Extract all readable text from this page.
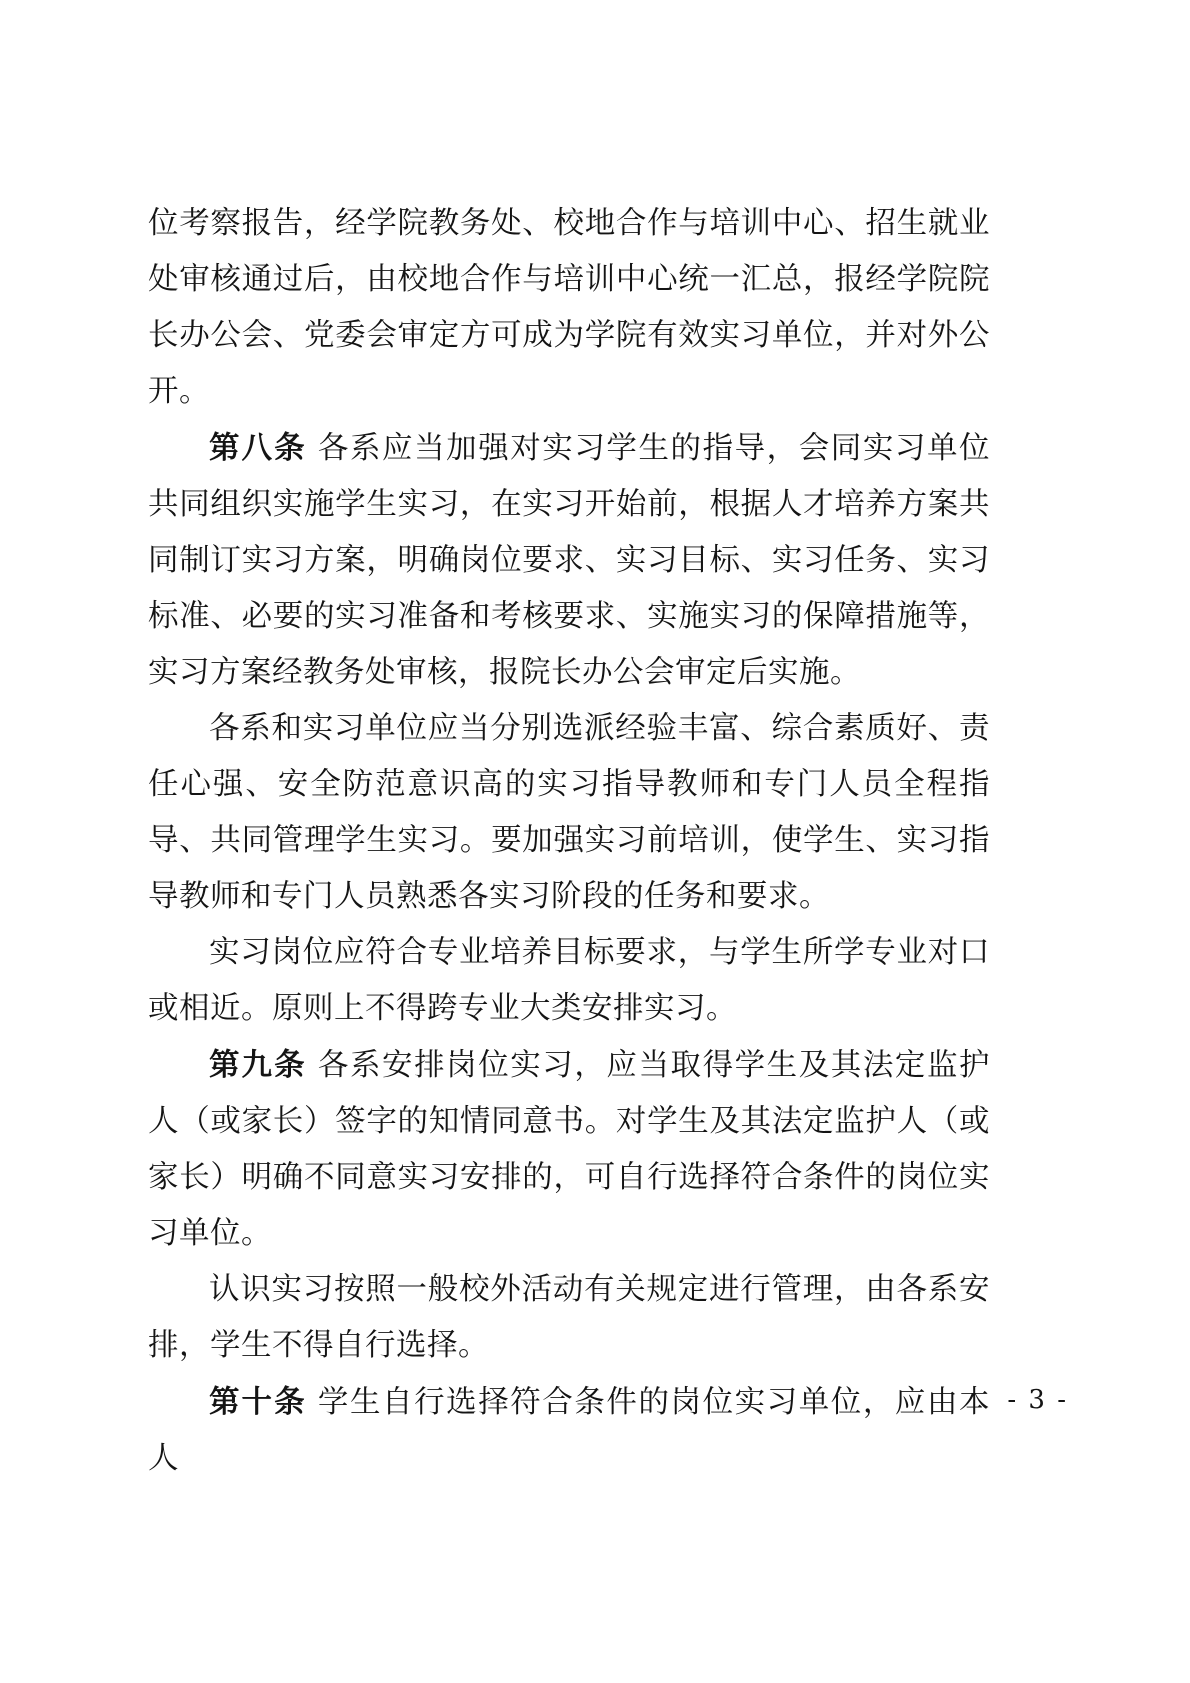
位考察报告，经学院教务处、校地合作与培训中心、招生就业处审核通过后，由校地合作与培训中心统一汇总，报经学院院长办公会、党委会审定方可成为学院有效实习单位，并对外公开。

第八条 各系应当加强对实习学生的指导，会同实习单位共同组织实施学生实习，在实习开始前，根据人才培养方案共同制订实习方案，明确岗位要求、实习目标、实习任务、实习标准、必要的实习准备和考核要求、实施实习的保障措施等，实习方案经教务处审核，报院长办公会审定后实施。

各系和实习单位应当分别选派经验丰富、综合素质好、责任心强、安全防范意识高的实习指导教师和专门人员全程指导、共同管理学生实习。要加强实习前培训，使学生、实习指导教师和专门人员熟悉各实习阶段的任务和要求。

实习岗位应符合专业培养目标要求，与学生所学专业对口或相近。原则上不得跨专业大类安排实习。

第九条 各系安排岗位实习，应当取得学生及其法定监护人（或家长）签字的知情同意书。对学生及其法定监护人（或家长）明确不同意实习安排的，可自行选择符合条件的岗位实习单位。

认识实习按照一般校外活动有关规定进行管理，由各系安排，学生不得自行选择。

第十条 学生自行选择符合条件的岗位实习单位，应由本人

- 3 -
